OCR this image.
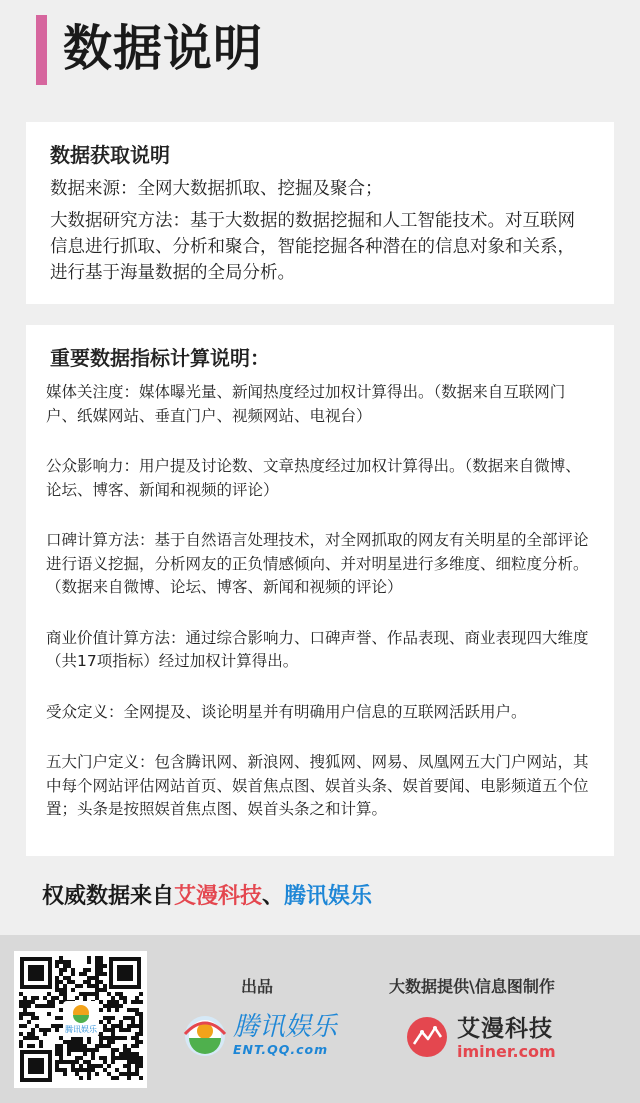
数据说明
数据获取说明

数据来源：全网大数据抓取、挖掘及聚合；

大数据研究方法：基于大数据的数据挖掘和人工智能技术。对互联网信息进行抓取、分析和聚合，智能挖掘各种潜在的信息对象和关系，进行基于海量数据的全局分析。

重要数据指标计算说明：

媒体关注度：媒体曝光量、新闻热度经过加权计算得出。（数据来自互联网门户、纸媒网站、垂直门户、视频网站、电视台）

公众影响力：用户提及讨论数、文章热度经过加权计算得出。（数据来自微博、论坛、博客、新闻和视频的评论）

口碑计算方法：基于自然语言处理技术，对全网抓取的网友有关明星的全部评论进行语义挖掘，分析网友的正负情感倾向、并对明星进行多维度、细粒度分析。（数据来自微博、论坛、博客、新闻和视频的评论）

商业价值计算方法：通过综合影响力、口碑声誉、作品表现、商业表现四大维度（共17项指标）经过加权计算得出。

受众定义：全网提及、谈论明星并有明确用户信息的互联网活跃用户。

五大门户定义：包含腾讯网、新浪网、搜狐网、网易、凤凰网五大门户网站，其中每个网站评估网站首页、娱首焦点图、娱首头条、娱首要闻、电影频道五个位置；头条是按照娱首焦点图、娱首头条之和计算。

权威数据来自艾漫科技、腾讯娱乐
腾讯娱乐
出品	大数据提供\信息图制作
腾讯娱乐
ENT.QQ.com
艾漫科技
iminer.com
